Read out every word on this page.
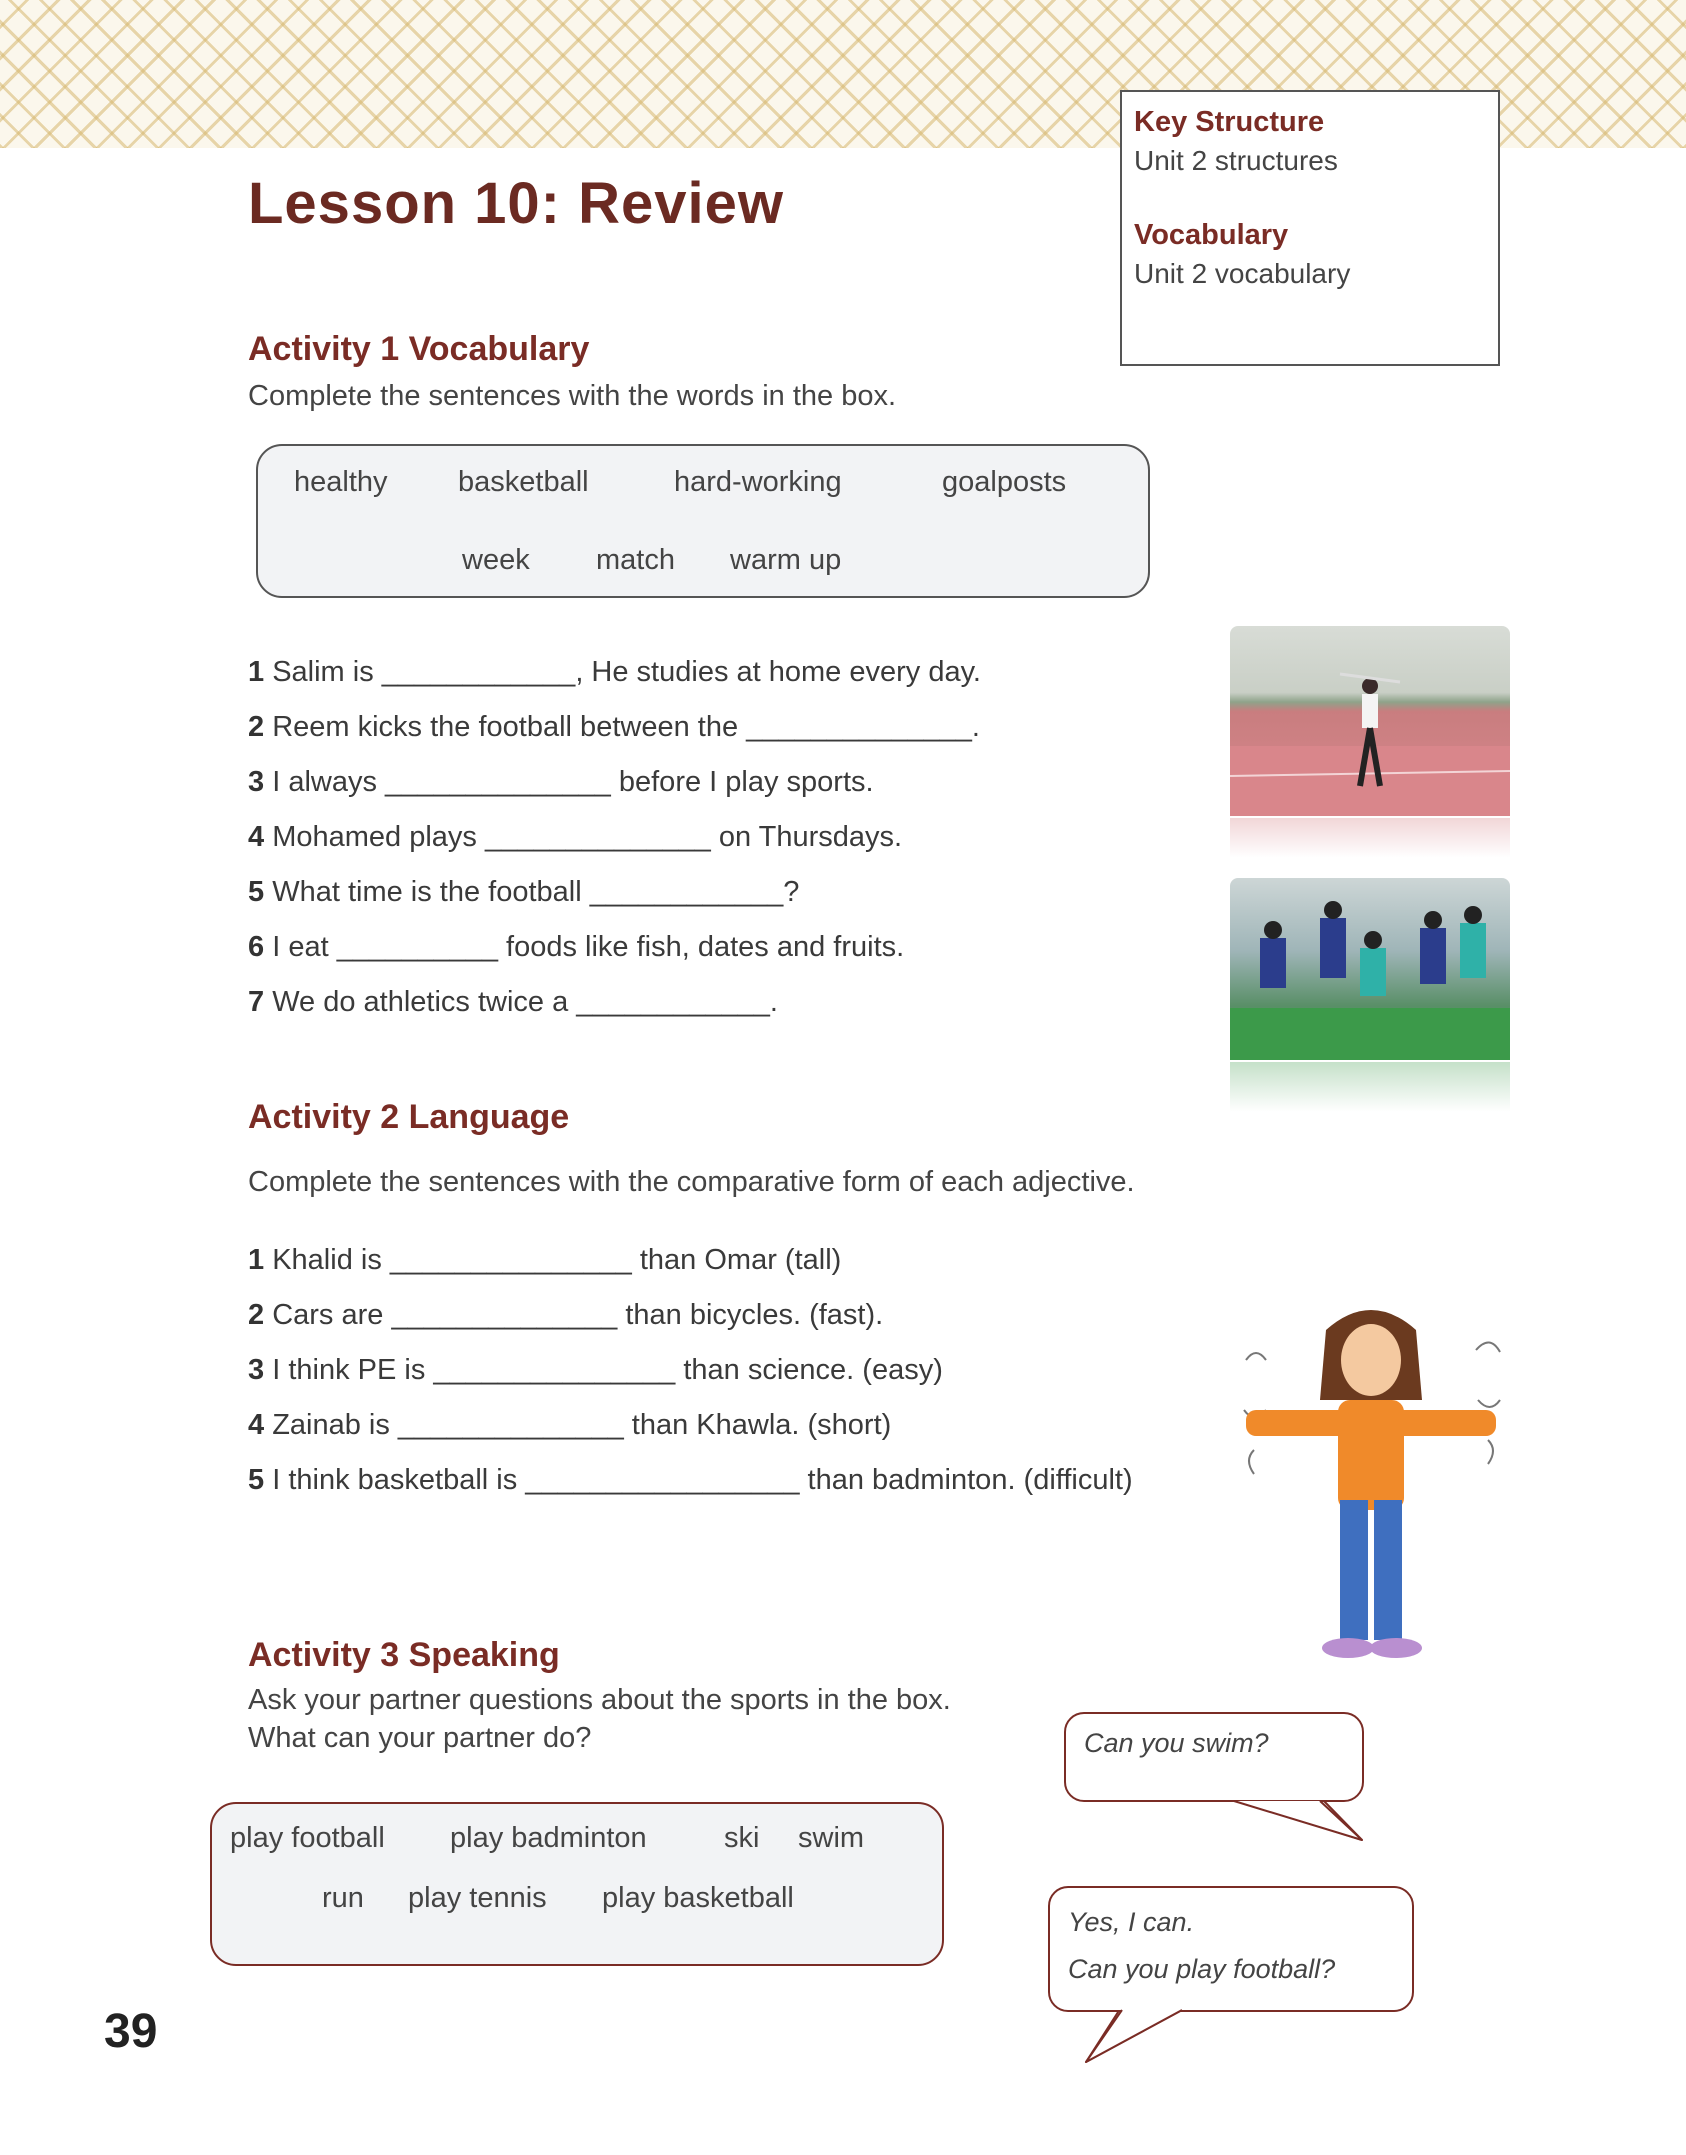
Lesson 10: Review
Key Structure
Unit 2 structures
Vocabulary
Unit 2 vocabulary
Activity 1 Vocabulary
Complete the sentences with the words in the box.
healthy basketball	hard-working	goalposts
week match warm up
1 Salim is ____________, He studies at home every day.
2 Reem kicks the football between the ______________.
3 I always ______________ before I play sports.
4 Mohamed plays ______________ on Thursdays.
5 What time is the football ____________?
6 I eat __________ foods like fish, dates and fruits.
7 We do athletics twice a ____________.
Activity 2 Language
Complete the sentences with the comparative form of each adjective.
1 Khalid is _______________ than Omar (tall)
2 Cars are ______________ than bicycles. (fast).
3 I think PE is _______________ than science. (easy)
4 Zainab is ______________ than Khawla. (short)
5 I think basketball is _________________ than badminton. (difficult)
Activity 3 Speaking
Ask your partner questions about the sports in the box.
What can your partner do?
play football play badminton	ski swim
run play tennis play basketball
Can you swim?
Yes, I can.
Can you play football?
39
